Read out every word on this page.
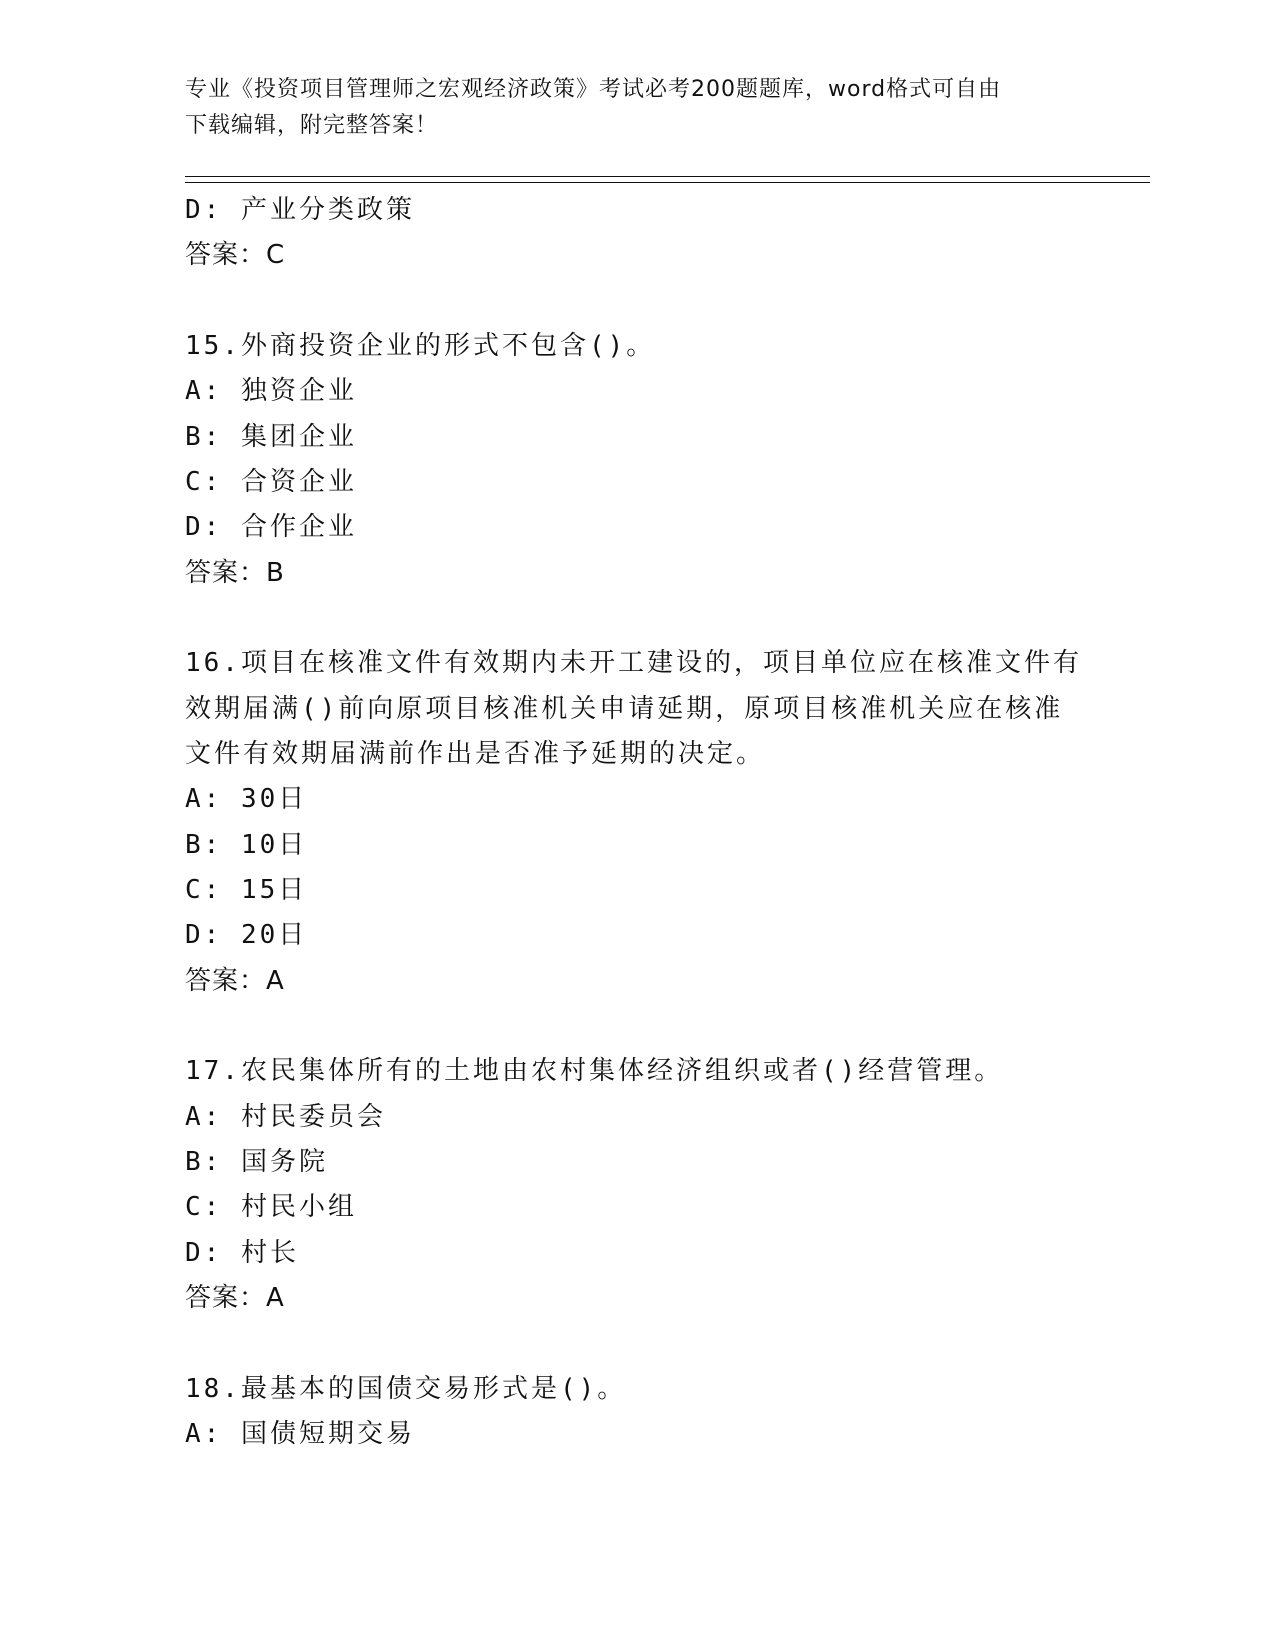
专业《投资项目管理师之宏观经济政策》考试必考200题题库，word格式可自由
下载编辑，附完整答案！
D: 产业分类政策
答案：C
15.外商投资企业的形式不包含()。
A: 独资企业
B: 集团企业
C: 合资企业
D: 合作企业
答案：B
16.项目在核准文件有效期内未开工建设的，项目单位应在核准文件有
效期届满()前向原项目核准机关申请延期，原项目核准机关应在核准
文件有效期届满前作出是否准予延期的决定。
A: 30日
B: 10日
C: 15日
D: 20日
答案：A
17.农民集体所有的土地由农村集体经济组织或者()经营管理。
A: 村民委员会
B: 国务院
C: 村民小组
D: 村长
答案：A
18.最基本的国债交易形式是()。
A: 国债短期交易
